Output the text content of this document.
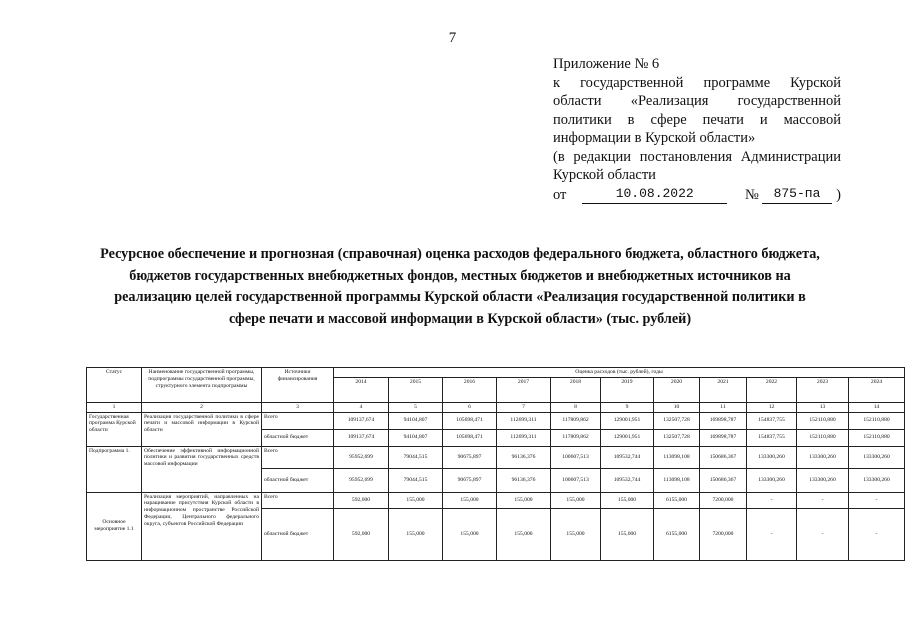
7
Приложение № 6
к государственной программе Курской
области «Реализация государственной
политики в сфере печати и массовой
информации в Курской области»
(в редакции постановления Администрации
Курской области
от	10.08.2022	№	875-па	)
Ресурсное обеспечение и прогнозная (справочная) оценка расходов федерального бюджета, областного бюджета, бюджетов государственных внебюджетных фондов, местных бюджетов и внебюджетных источников на реализацию целей государственной программы Курской области «Реализация государственной политики в сфере печати и массовой информации в Курской области» (тыс. рублей)
Статус	Наименование государственной программы, подпрограммы государственной программы, структурного элемента подпрограммы	Источники финансирования	Оценка расходов (тыс. рублей), годы										
			2014	2015	2016	2017	2018	2019	2020	2021	2022	2023	2024
1	2	3	4	5	6	7	8	9	10	11	12	13	14
Государственная программа Курской области	Реализация государственной политики в сфере печати и массовой информации в Курской области	Всего	109137,674	94104,807	105698,471	112699,311	117809,862	129001,951	132507,728	169898,787	154837,755	152110,880	152110,880
		областной бюджет	109137,674	94104,807	105698,471	112699,311	117809,862	129001,951	132507,728	169898,787	154837,755	152110,880	152110,880
Подпрограмма 1.	Обеспечение эффективной информационной политики и развития государственных средств массовой информации	Всего	95952,699	79044,515	90675,897	96136,376	100607,513	109532,744	113098,108	150686,367	133300,260	133300,260	133300,260
		областной бюджет	95952,699	79044,515	90675,897	96136,376	100607,513	109532,744	113098,108	150686,367	133300,260	133300,260	133300,260
Основное мероприятие 1.1	Реализация мероприятий, направленных на наращивание присутствия Курской области в информационном пространстве Российской Федерации, Центрального федерального округа, субъектов Российской Федерации	Всего	592,000	155,000	155,000	155,000	155,000	155,000	6155,000	7200,000	-	-	-
		областной бюджет	592,000	155,000	155,000	155,000	155,000	155,000	6155,000	7200,000	-	-	-
